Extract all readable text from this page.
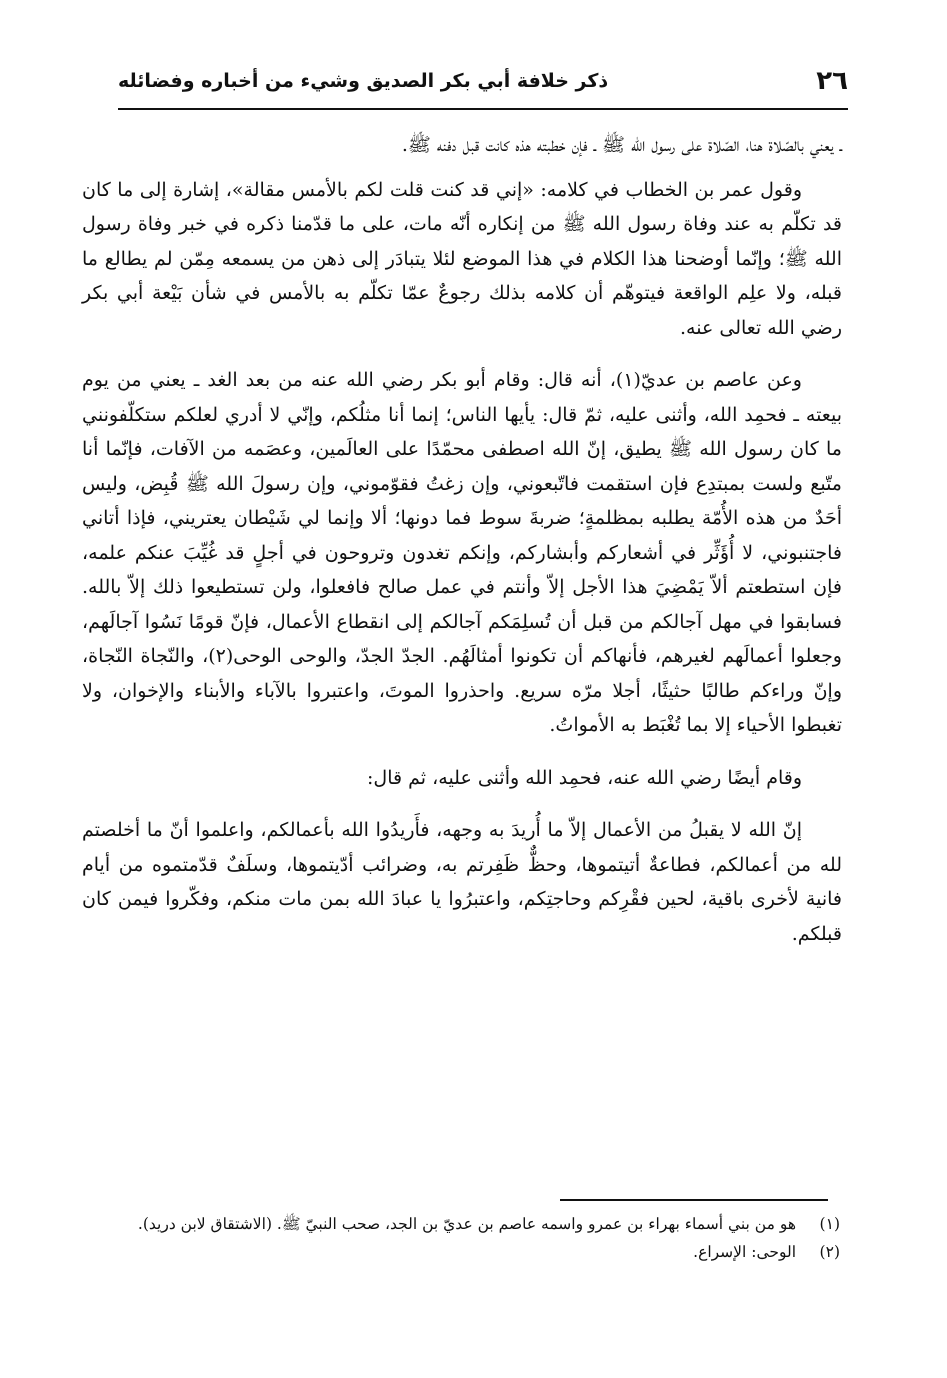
٢٦
ذكر خلافة أبي بكر الصديق وشيء من أخباره وفضائله

ـ يعني بالصّلاة هنا، الصّلاة على رسول الله ﷺ ـ فإن خطبته هذه كانت قبل دفنه ﷺ.

وقول عمر بن الخطاب في كلامه: «إني قد كنت قلت لكم بالأمس مقالة»، إشارة إلى ما كان قد تكلّم به عند وفاة رسول الله ﷺ من إنكاره أنّه مات، على ما قدّمنا ذكره في خبر وفاة رسول الله ﷺ؛ وإنّما أوضحنا هذا الكلام في هذا الموضع لئلا يتبادَر إلى ذهن من يسمعه مِمّن لم يطالع ما قبله، ولا علِم الواقعة فيتوهّم أن كلامه بذلك رجوعٌ عمّا تكلّم به بالأمس في شأن بَيْعة أبي بكر رضي الله تعالى عنه.

وعن عاصم بن عديّ(١)، أنه قال: وقام أبو بكر رضي الله عنه من بعد الغد ـ يعني من يوم بيعته ـ فحمِد الله، وأثنى عليه، ثمّ قال: يأيها الناس؛ إنما أنا مثلُكم، وإنّي لا أدري لعلكم ستكلّفونني ما كان رسول الله ﷺ يطيق، إنّ الله اصطفى محمّدًا على العالَمين، وعصَمه من الآفات، فإنّما أنا متّبع ولست بمبتدِع فإن استقمت فاتّبعوني، وإن زغتُ فقوّموني، وإن رسولَ الله ﷺ قُبِض، وليس أحَدٌ من هذه الأُمّة يطلبه بمظلمةٍ؛ ضربةَ سوط فما دونها؛ ألا وإنما لي شَيْطان يعتريني، فإذا أتاني فاجتنبوني، لا أُؤَثِّر في أشعاركم وأبشاركم، وإنكم تغدون وتروحون في أجلٍ قد غُيِّبَ عنكم علمه، فإن استطعتم ألاّ يَمْضِيَ هذا الأجل إلاّ وأنتم في عمل صالح فافعلوا، ولن تستطيعوا ذلك إلاّ بالله. فسابقوا في مهل آجالكم من قبل أن تُسلِمَكم آجالكم إلى انقطاع الأعمال، فإنّ قومًا نَسُوا آجالَهم، وجعلوا أعمالَهم لغيرهم، فأنهاكم أن تكونوا أمثالَهُم. الجدّ الجدّ، والوحى الوحى(٢)، والنّجاة النّجاة، وإنّ وراءكم طالبًا حثيثًا، أجلا مرّه سريع. واحذروا الموتَ، واعتبروا بالآباء والأبناء والإخوان، ولا تغبطوا الأحياء إلا بما تُغْبَط به الأمواتُ.

وقام أيضًا رضي الله عنه، فحمِد الله وأثنى عليه، ثم قال:

إنّ الله لا يقبلُ من الأعمال إلاّ ما أُريدَ به وجهه، فأَريدُوا الله بأعمالكم، واعلموا أنّ ما أخلصتم لله من أعمالكم، فطاعةٌ أتيتموها، وحظٌّ ظَفِرتم به، وضرائب أدّيتموها، وسلَفٌ قدّمتموه من أيام فانية لأخرى باقية، لحين فقْرِكم وحاجتِكم، واعتبرُوا يا عبادَ الله بمن مات منكم، وفكّروا فيمن كان قبلكم.

(١)
هو من بني أسماء بهراء بن عمرو واسمه عاصم بن عديّ بن الجد، صحب النبيّ ﷺ. (الاشتقاق لابن دريد).
(٢)
الوحى: الإسراع.
